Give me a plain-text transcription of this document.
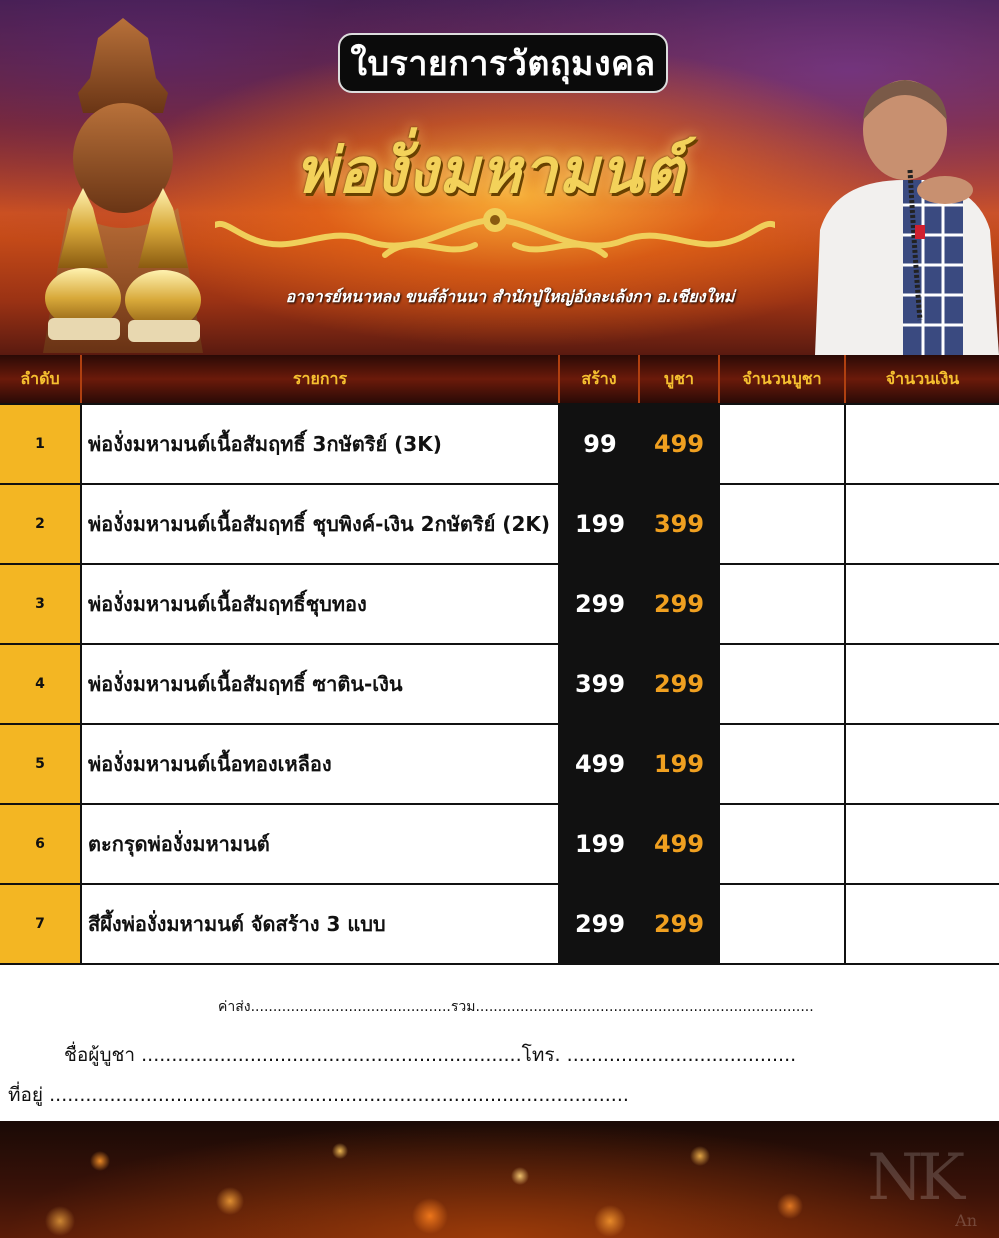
ใบรายการวัตถุมงคล
พ่องั่งมหามนต์
อาจารย์หนาหลง ขนส์ล้านนา สำนักปู่ใหญ่อังละเล้งกา อ.เชียงใหม่
ลำดับ	รายการ	สร้าง	บูชา	จำนวนบูชา	จำนวนเงิน
1	พ่องั่งมหามนต์เนื้อสัมฤทธิ์ 3กษัตริย์ (3K)	99	499
2	พ่องั่งมหามนต์เนื้อสัมฤทธิ์ ชุบพิงค์-เงิน 2กษัตริย์ (2K)	199	399
3	พ่องั่งมหามนต์เนื้อสัมฤทธิ์ชุบทอง	299	299
4	พ่องั่งมหามนต์เนื้อสัมฤทธิ์ ซาติน-เงิน	399	299
5	พ่องั่งมหามนต์เนื้อทองเหลือง	499	199
6	ตะกรุดพ่องั่งมหามนต์	199	499
7	สีผึ้งพ่องั่งมหามนต์ จัดสร้าง 3 แบบ	299	299
ค่าส่ง.............................................รวม............................................................................
ชื่อผู้บูชา ...............................................................โทร. ......................................
ที่อยู่ ................................................................................................
NK
An
